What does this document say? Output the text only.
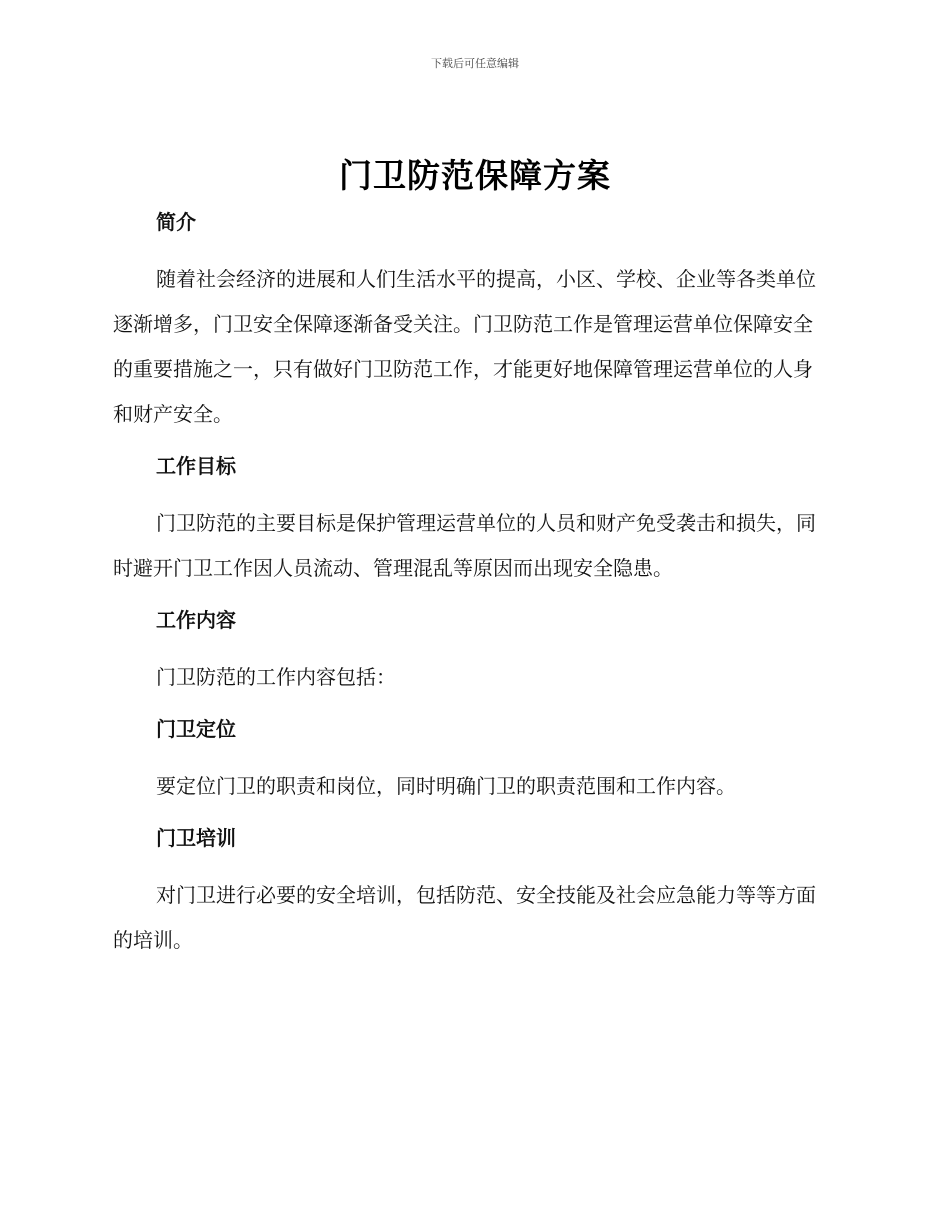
下载后可任意编辑
门卫防范保障方案
简介

随着社会经济的进展和人们生活水平的提高，小区、学校、企业等各类单位逐渐增多，门卫安全保障逐渐备受关注。门卫防范工作是管理运营单位保障安全的重要措施之一，只有做好门卫防范工作，才能更好地保障管理运营单位的人身和财产安全。

工作目标

门卫防范的主要目标是保护管理运营单位的人员和财产免受袭击和损失，同时避开门卫工作因人员流动、管理混乱等原因而出现安全隐患。

工作内容

门卫防范的工作内容包括：

门卫定位

要定位门卫的职责和岗位，同时明确门卫的职责范围和工作内容。

门卫培训

对门卫进行必要的安全培训，包括防范、安全技能及社会应急能力等等方面的培训。
